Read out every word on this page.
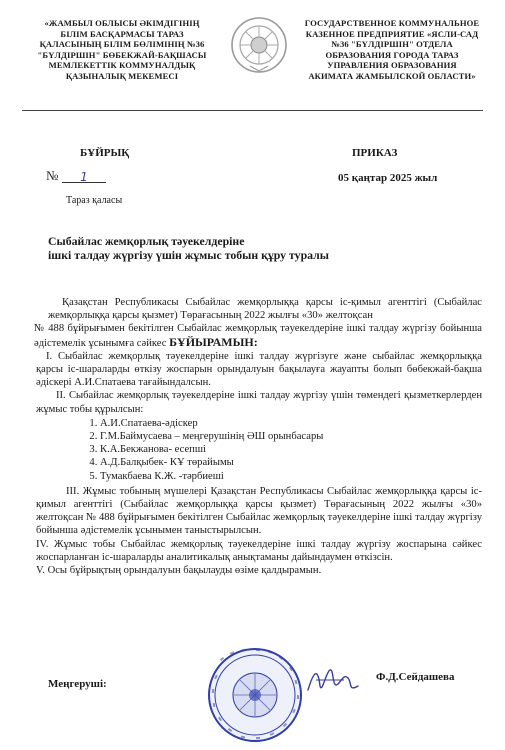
«ЖАМБЫЛ ОБЛЫСЫ ӘКІМДІГІНІҢ
БІЛІМ БАСҚАРМАСЫ ТАРАЗ
ҚАЛАСЫНЫҢ БІЛІМ БӨЛІМІНІҢ №36
"БҮЛДІРШІН" БӨБЕКЖАЙ-БАҚШАСЫ
МЕМЛЕКЕТТІК КОММУНАЛДЫҚ
ҚАЗЫНАЛЫҚ МЕКЕМЕСІ
ГОСУДАРСТВЕННОЕ КОММУНАЛЬНОЕ
КАЗЕННОЕ ПРЕДПРИЯТИЕ «ЯСЛИ-САД
№36 "БҮЛДІРШІН" ОТДЕЛА
ОБРАЗОВАНИЯ ГОРОДА ТАРАЗ
УПРАВЛЕНИЯ ОБРАЗОВАНИЯ
АКИМАТА ЖАМБЫЛСКОЙ ОБЛАСТИ»
БҰЙРЫҚ	ПРИКАЗ
№	1	05 қаңтар 2025 жыл
Тараз қаласы
Сыбайлас жемқорлық тәуекелдеріне
ішкі талдау жүргізу үшін жұмыс тобын құру туралы
Қазақстан Республикасы Сыбайлас жемқорлыққа қарсы іс-қимыл агенттігі (Сыбайлас жемқорлыққа қарсы қызмет) Төрағасының 2022 жылғы «30» желтоқсан
№ 488 бұйрығымен бекітілген Сыбайлас жемқорлық тәуекелдеріне ішкі талдау жүргізу бойынша әдістемелік ұсынымға сәйкес БҰЙЫРАМЫН:
I. Сыбайлас жемқорлық тәуекелдеріне ішкі талдау жүргізуге және сыбайлас жемқорлыққа қарсы іс-шараларды өткізу жоспарын орындалуын бақылауға жауапты болып бөбекжай-бақша әдіскері А.И.Спатаева тағайындалсын.
II. Сыбайлас жемқорлық тәуекелдеріне ішкі талдау жүргізу үшін төмендегі қызметкерлерден жұмыс тобы құрылсын:
1. А.И.Спатаева-әдіскер
2. Г.М.Баймусаева – меңгерушінің ӘШ орынбасары
3. К.А.Бекжанова- есепші
4. А.Д.Балқыбек- КҰ төрайымы
5. Тумакбаева К.Ж. -тәрбиеші
III. Жұмыс тобының мүшелері Қазақстан Республикасы Сыбайлас жемқорлыққа қарсы іс-қимыл агенттігі (Сыбайлас жемқорлыққа қарсы қызмет) Төрағасының 2022 жылғы «30» желтоқсан № 488 бұйрығымен бекітілген Сыбайлас жемқорлық тәуекелдеріне ішкі талдау жүргізу бойынша әдістемелік ұсынымен таныстырылсын.
IV. Жұмыс тобы Сыбайлас жемқорлық тәуекелдеріне ішкі талдау жүргізу жоспарына сәйкес жоспарланған іс-шараларды аналитикалық анықтаманы дайындаумен өткізсін.
V. Осы бұйрықтың орындалуын бақылауды өзіме қалдырамын.
Меңгеруші:
Ф.Д.Сейдашева
